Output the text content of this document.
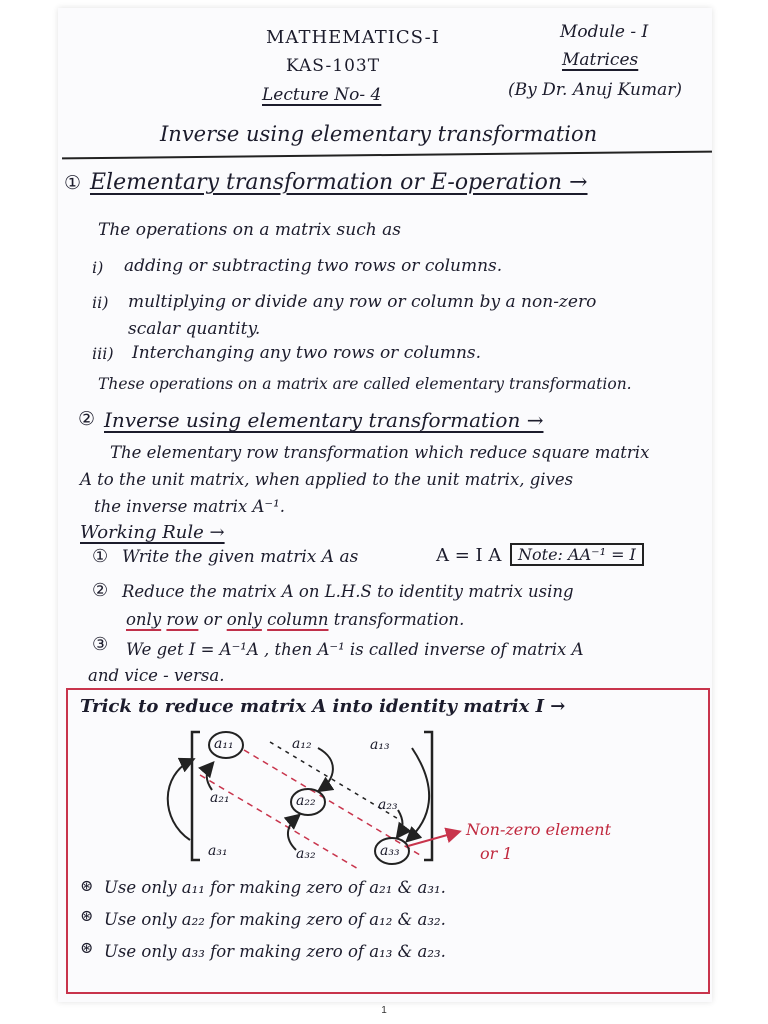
MATHEMATICS-I
KAS-103T
Lecture No- 4
Module - I
Matrices
(By Dr. Anuj Kumar)
Inverse using elementary transformation
① Elementary transformation or E-operation →
The operations on a matrix such as
i) adding or subtracting two rows or columns.
ii) multiplying or divide any row or column by a non-zero
scalar quantity.
iii) Interchanging any two rows or columns.
These operations on a matrix are called elementary transformation.
② Inverse using elementary transformation →
The elementary row transformation which reduce square matrix
A to the unit matrix, when applied to the unit matrix, gives
the inverse matrix A⁻¹.
Working Rule →
① Write the given matrix A as	A = I A	Note: AA⁻¹ = I
② Reduce the matrix A on L.H.S to identity matrix using
only row or only column transformation.
③ We get I = A⁻¹A , then A⁻¹ is called inverse of matrix A
and vice - versa.
Trick to reduce matrix A into identity matrix I →
a₁₁	a₁₂	a₁₃
a₂₁	a₂₂	a₂₃
a₃₁	a₃₂	a₃₃
Non-zero element
or 1
⊛ Use only a₁₁ for making zero of a₂₁ & a₃₁.
⊛ Use only a₂₂ for making zero of a₁₂ & a₃₂.
⊛ Use only a₃₃ for making zero of a₁₃ & a₂₃.
1
